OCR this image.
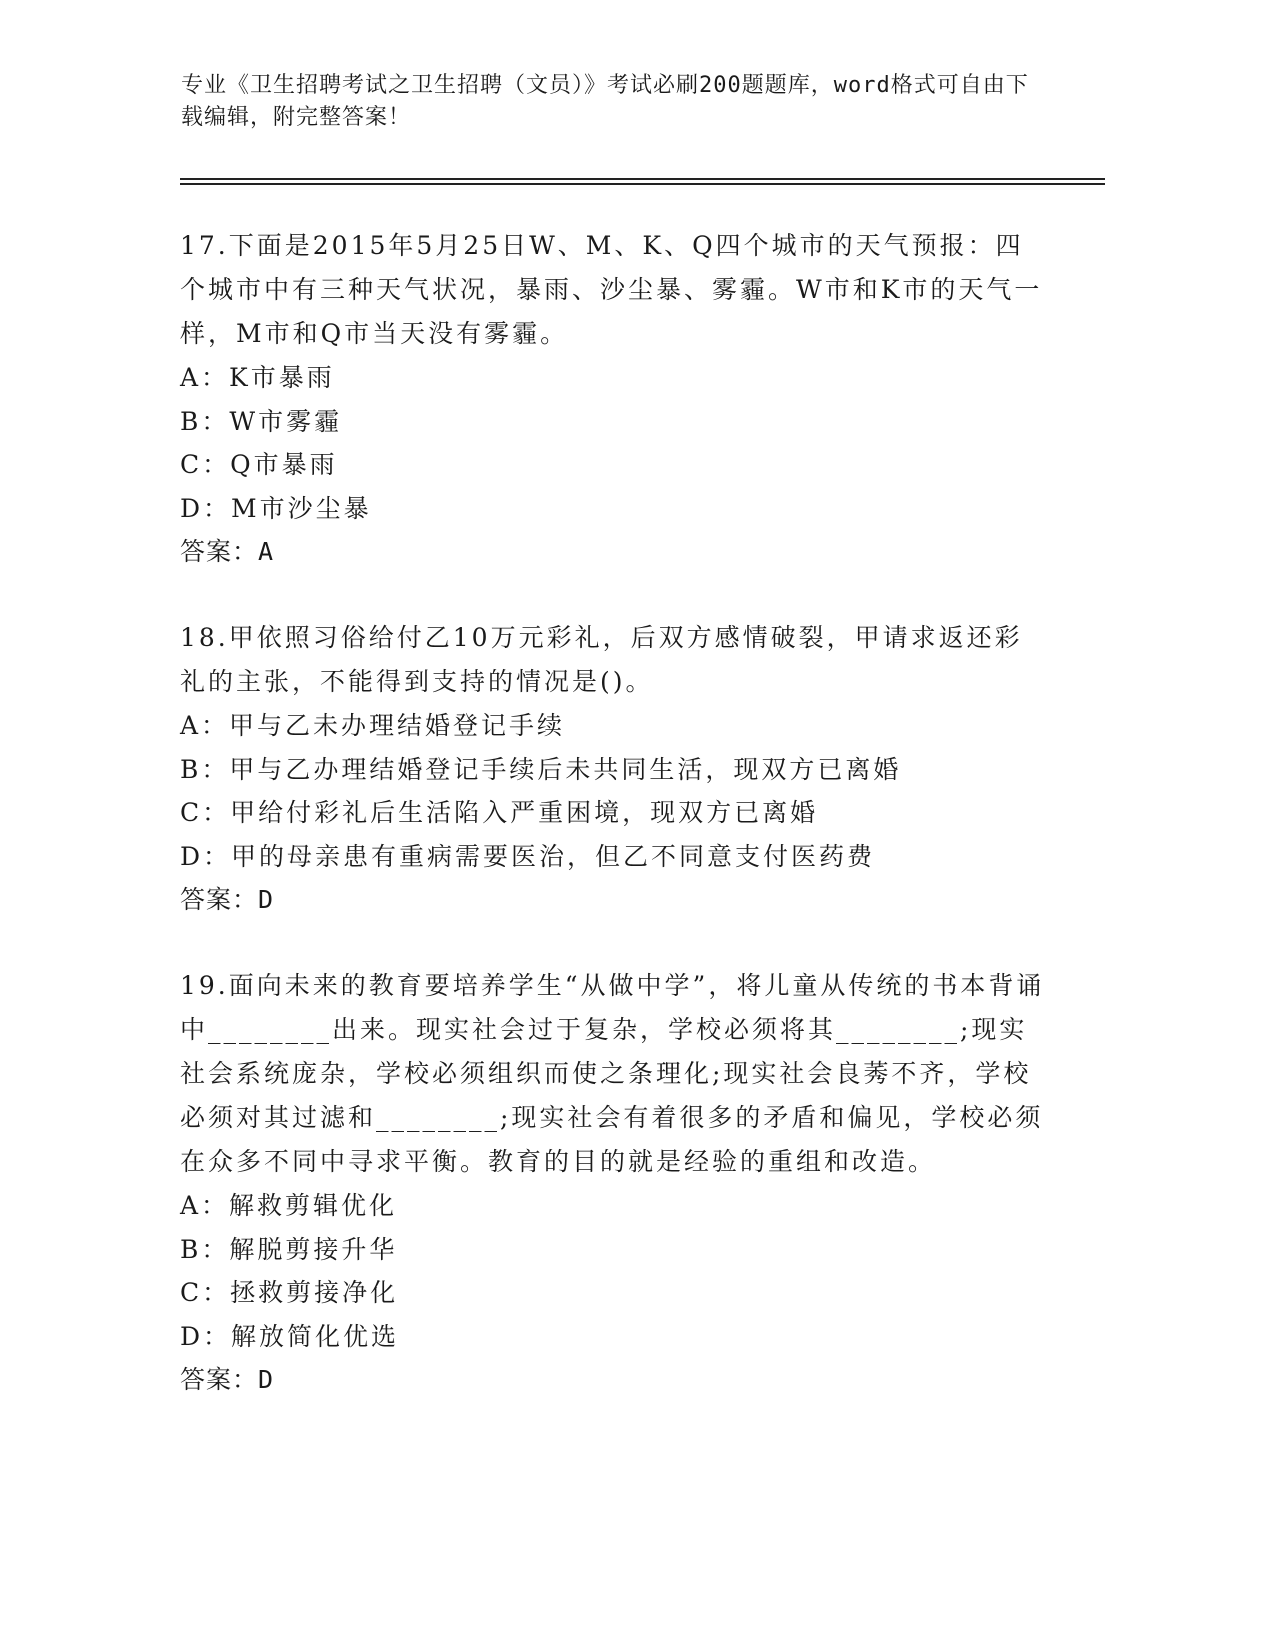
专业《卫生招聘考试之卫生招聘（文员）》考试必刷200题题库，word格式可自由下载编辑，附完整答案！

17.下面是2015年5月25日W、M、K、Q四个城市的天气预报：四个城市中有三种天气状况，暴雨、沙尘暴、雾霾。W市和K市的天气一样，M市和Q市当天没有雾霾。

A：K市暴雨

B：W市雾霾

C：Q市暴雨

D：M市沙尘暴

答案：A

18.甲依照习俗给付乙10万元彩礼，后双方感情破裂，甲请求返还彩礼的主张，不能得到支持的情况是()。

A：甲与乙未办理结婚登记手续

B：甲与乙办理结婚登记手续后未共同生活，现双方已离婚

C：甲给付彩礼后生活陷入严重困境，现双方已离婚

D：甲的母亲患有重病需要医治，但乙不同意支付医药费

答案：D

19.面向未来的教育要培养学生“从做中学”，将儿童从传统的书本背诵中________出来。现实社会过于复杂，学校必须将其________;现实社会系统庞杂，学校必须组织而使之条理化;现实社会良莠不齐，学校必须对其过滤和________;现实社会有着很多的矛盾和偏见，学校必须在众多不同中寻求平衡。教育的目的就是经验的重组和改造。

A：解救剪辑优化

B：解脱剪接升华

C：拯救剪接净化

D：解放简化优选

答案：D
